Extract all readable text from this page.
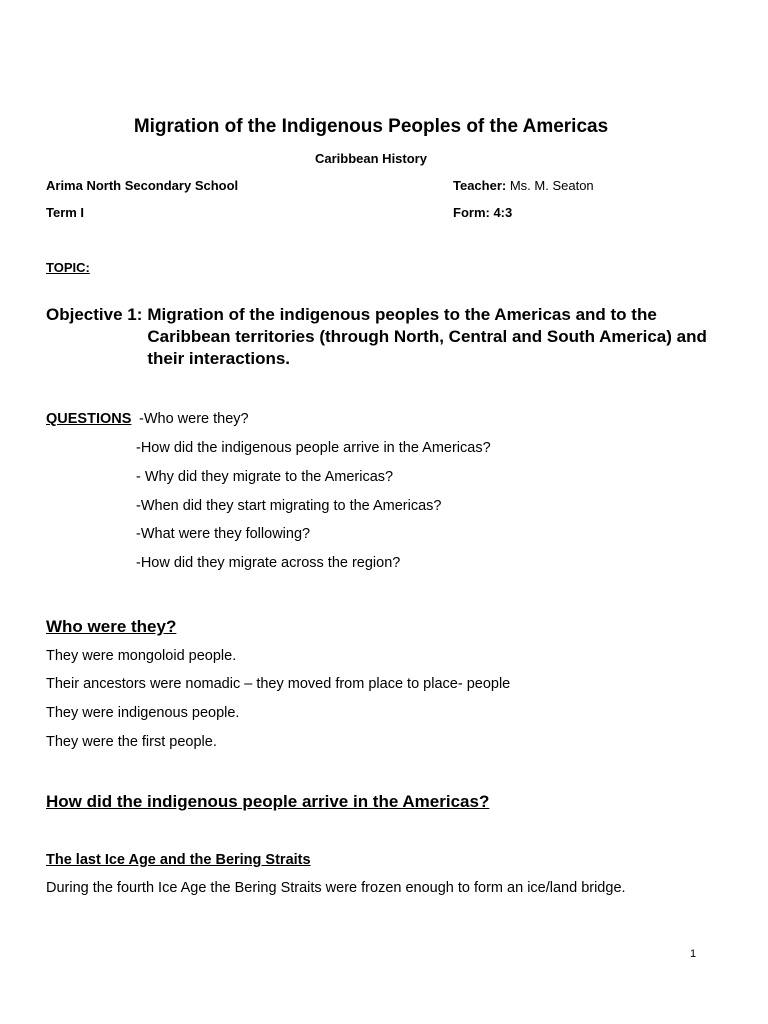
Migration of the Indigenous Peoples of the Americas
Caribbean History
Arima North Secondary School	Teacher: Ms. M. Seaton
Term I	Form: 4:3
TOPIC:
Objective 1: Migration of the indigenous peoples to the Americas and to the Caribbean territories (through North, Central and South America) and their interactions.
QUESTIONS -Who were they?
-How did the indigenous people arrive in the Americas?
- Why did they migrate to the Americas?
-When did they start migrating to the Americas?
-What were they following?
-How did they migrate across the region?
Who were they?
They were mongoloid people.
Their ancestors were nomadic – they moved from place to place- people
They were indigenous people.
They were the first people.
How did the indigenous people arrive in the Americas?
The last Ice Age and the Bering Straits
During the fourth Ice Age the Bering Straits were frozen enough to form an ice/land bridge.
1
